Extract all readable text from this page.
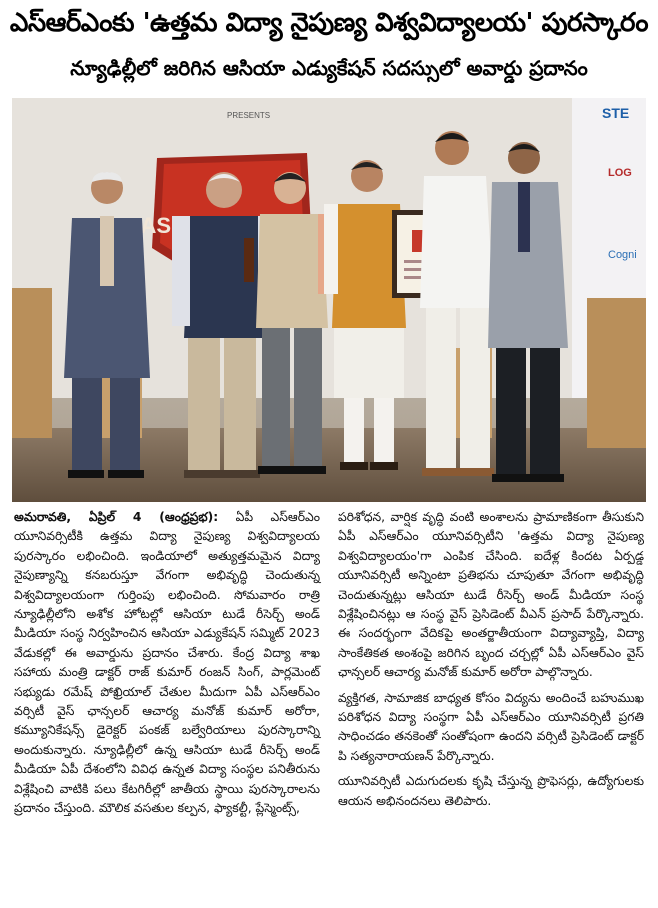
ఎస్‌ఆర్ఎంకు 'ఉత్తమ విద్యా నైపుణ్య విశ్వవిద్యాలయ' పురస్కారం
న్యూఢిల్లీలో జరిగిన ఆసియా ఎడ్యుకేషన్ సదస్సులో అవార్డు ప్రదానం
PRESENTS
ASIA
STE
LOG
Cogni

అమరావతి, ఏప్రిల్ 4 (ఆంధ్రప్రభ): ఏపీ ఎస్ఆర్ఎం యూనివర్సిటీకి ఉత్తమ విద్యా నైపుణ్య విశ్వవిద్యాలయ పురస్కారం లభించింది. ఇండియాలో అత్యుత్తమమైన విద్యా నైపుణ్యాన్ని కనబరుస్తూ వేగంగా అభివృద్ధి చెందుతున్న విశ్వవిద్యాలయంగా గుర్తింపు లభించింది. సోమవారం రాత్రి న్యూఢిల్లీలోని అశోక హోటల్లో ఆసియా టుడే రీసెర్చ్ అండ్ మీడియా సంస్థ నిర్వహించిన ఆసియా ఎడ్యుకేషన్ సమ్మిట్ 2023 వేడుకల్లో ఈ అవార్డును ప్రదానం చేశారు. కేంద్ర విద్యా శాఖ సహాయ మంత్రి డాక్టర్ రాజ్ కుమార్ రంజన్ సింగ్, పార్లమెంట్ సభ్యుడు రమేష్ పోఖ్రియాల్ చేతుల మీదుగా ఏపీ ఎస్ఆర్ఎం వర్సిటీ వైస్ ఛాన్సలర్ ఆచార్య మనోజ్ కుమార్ అరోరా, కమ్యూనికేషన్స్ డైరెక్టర్ పంకజ్ బల్వేరియాలు పురస్కారాన్ని అందుకున్నారు. న్యూఢిల్లీలో ఉన్న ఆసియా టుడే రీసెర్చ్ అండ్ మీడియా ఏపీ దేశంలోని వివిధ ఉన్నత విద్యా సంస్థల పనితీరును విశ్లేషించి వాటికి పలు కేటగిరీల్లో జాతీయ స్థాయి పురస్కారాలను ప్రదానం చేస్తుంది. మౌలిక వసతుల కల్పన, ఫ్యాకల్టీ, ప్లేస్మెంట్స్,

పరిశోధన, వార్షిక వృద్ధి వంటి అంశాలను ప్రామాణికంగా తీసుకుని ఏపీ ఎస్ఆర్ఎం యూనివర్సిటీని 'ఉత్తమ విద్యా నైపుణ్య విశ్వవిద్యాలయం'గా ఎంపిక చేసింది. ఐదేళ్ల కిందట ఏర్పడ్డ యూనివర్సిటీ అన్నింటా ప్రతిభను చూపుతూ వేగంగా అభివృద్ధి చెందుతున్నట్లు ఆసియా టుడే రీసెర్చ్ అండ్ మీడియా సంస్థ విశ్లేషించినట్లు ఆ సంస్థ వైస్ ప్రెసిడెంట్ వీఎన్ ప్రసాద్ పేర్కొన్నారు. ఈ సందర్భంగా వేదికపై అంతర్జాతీయంగా విద్యావ్యాప్తి, విద్యా సాంకేతికత అంశంపై జరిగిన బృంద చర్చల్లో ఏపీ ఎస్ఆర్ఎం వైస్ ఛాన్సలర్ ఆచార్య మనోజ్ కుమార్ అరోరా పాల్గొన్నారు.

వ్యక్తిగత, సామాజిక బాధ్యత కోసం విద్యను అందించే బహుముఖ పరిశోధన విద్యా సంస్థగా ఏపీ ఎస్ఆర్ఎం యూనివర్సిటీ ప్రగతి సాధించడం తనకెంతో సంతోషంగా ఉందని వర్సిటీ ప్రెసిడెంట్ డాక్టర్ పి సత్యనారాయణన్ పేర్కొన్నారు.

యూనివర్సిటీ ఎదుగుదలకు కృషి చేస్తున్న ప్రొఫెసర్లు, ఉద్యోగులకు ఆయన అభినందనలు తెలిపారు.
